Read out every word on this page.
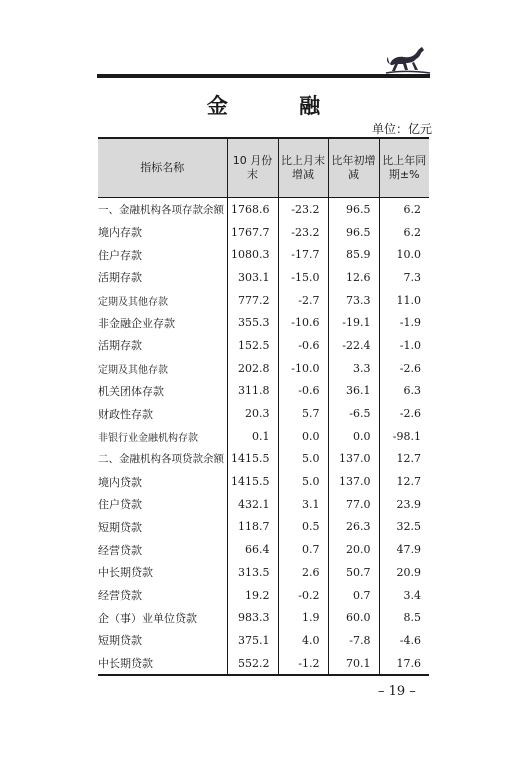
金 融
单位：亿元
指标名称	10 月份末	比上月末增减	比年初增减	比上年同期±%
一、金融机构各项存款余额	1768.6	-23.2	96.5	6.2
境内存款	1767.7	-23.2	96.5	6.2
住户存款	1080.3	-17.7	85.9	10.0
活期存款	303.1	-15.0	12.6	7.3
定期及其他存款	777.2	-2.7	73.3	11.0
非金融企业存款	355.3	-10.6	-19.1	-1.9
活期存款	152.5	-0.6	-22.4	-1.0
定期及其他存款	202.8	-10.0	3.3	-2.6
机关团体存款	311.8	-0.6	36.1	6.3
财政性存款	20.3	5.7	-6.5	-2.6
非银行业金融机构存款	0.1	0.0	0.0	-98.1
二、金融机构各项贷款余额	1415.5	5.0	137.0	12.7
境内贷款	1415.5	5.0	137.0	12.7
住户贷款	432.1	3.1	77.0	23.9
短期贷款	118.7	0.5	26.3	32.5
经营贷款	66.4	0.7	20.0	47.9
中长期贷款	313.5	2.6	50.7	20.9
经营贷款	19.2	-0.2	0.7	3.4
企（事）业单位贷款	983.3	1.9	60.0	8.5
短期贷款	375.1	4.0	-7.8	-4.6
中长期贷款	552.2	-1.2	70.1	17.6
– 19 –
